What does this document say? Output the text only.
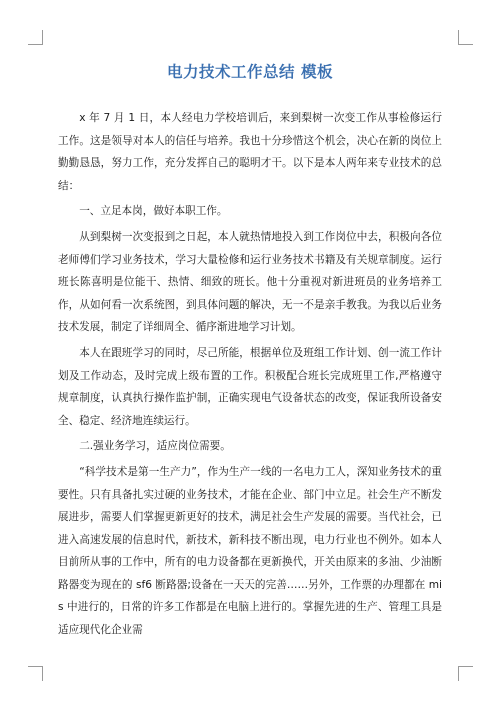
电力技术工作总结 模板

x 年 7 月 1 日，本人经电力学校培训后，来到梨树一次变工作从事检修运行工作。这是领导对本人的信任与培养。我也十分珍惜这个机会，决心在新的岗位上勤勤恳恳，努力工作，充分发挥自己的聪明才干。以下是本人两年来专业技术的总结：

一、立足本岗，做好本职工作。

从到梨树一次变报到之日起，本人就热情地投入到工作岗位中去，积极向各位老师傅们学习业务技术，学习大量检修和运行业务技术书籍及有关规章制度。运行班长陈喜明是位能干、热情、细致的班长。他十分重视对新进班员的业务培养工作，从如何看一次系统图，到具体问题的解决，无一不是亲手教我。为我以后业务技术发展，制定了详细周全、循序渐进地学习计划。

本人在跟班学习的同时，尽己所能，根据单位及班组工作计划、创一流工作计划及工作动态，及时完成上级布置的工作。积极配合班长完成班里工作,严格遵守规章制度，认真执行操作监护制，正确实现电气设备状态的改变，保证我所设备安全、稳定、经济地连续运行。

二.强业务学习，适应岗位需要。

“科学技术是第一生产力”，作为生产一线的一名电力工人，深知业务技术的重要性。只有具备扎实过硬的业务技术，才能在企业、部门中立足。社会生产不断发展进步，需要人们掌握更新更好的技术，满足社会生产发展的需要。当代社会，已进入高速发展的信息时代，新技术，新科技不断出现，电力行业也不例外。如本人目前所从事的工作中，所有的电力设备都在更新换代，开关由原来的多油、少油断路器变为现在的 sf6 断路器;设备在一天天的完善……另外，工作票的办理都在 mis 中进行的，日常的许多工作都是在电脑上进行的。掌握先进的生产、管理工具是适应现代化企业需
